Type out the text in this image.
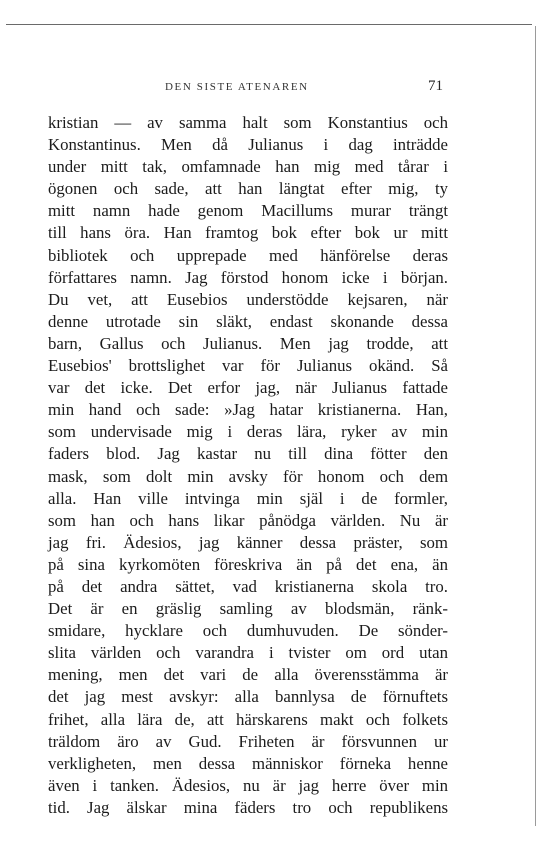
DEN SISTE ATENAREN	71
kristian — av samma halt som Konstantius och
Konstantinus. Men då Julianus i dag inträdde
under mitt tak, omfamnade han mig med tårar i
ögonen och sade, att han längtat efter mig, ty
mitt namn hade genom Macillums murar trängt
till hans öra. Han framtog bok efter bok ur mitt
bibliotek och upprepade med hänförelse deras
författares namn. Jag förstod honom icke i början.
Du vet, att Eusebios understödde kejsaren, när
denne utrotade sin släkt, endast skonande dessa
barn, Gallus och Julianus. Men jag trodde, att
Eusebios' brottslighet var för Julianus okänd. Så
var det icke. Det erfor jag, när Julianus fattade
min hand och sade: »Jag hatar kristianerna. Han,
som undervisade mig i deras lära, ryker av min
faders blod. Jag kastar nu till dina fötter den
mask, som dolt min avsky för honom och dem
alla. Han ville intvinga min själ i de formler,
som han och hans likar pånödga världen. Nu är
jag fri. Ädesios, jag känner dessa präster, som
på sina kyrkomöten föreskriva än på det ena, än
på det andra sättet, vad kristianerna skola tro.
Det är en gräslig samling av blodsmän, ränk-
smidare, hycklare och dumhuvuden. De sönder-
slita världen och varandra i tvister om ord utan
mening, men det vari de alla överensstämma är
det jag mest avskyr: alla bannlysa de förnuftets
frihet, alla lära de, att härskarens makt och folkets
träldom äro av Gud. Friheten är försvunnen ur
verkligheten, men dessa människor förneka henne
även i tanken. Ädesios, nu är jag herre över min
tid. Jag älskar mina fäders tro och republikens
